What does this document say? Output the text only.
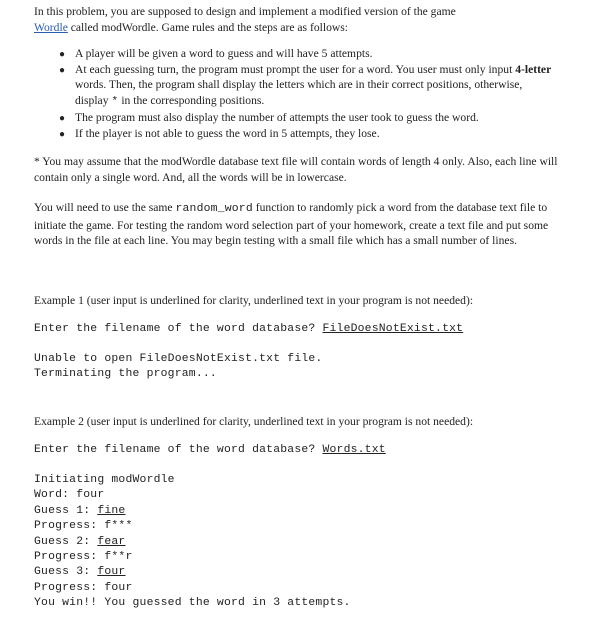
In this problem, you are supposed to design and implement a modified version of the game
Wordle called modWordle. Game rules and the steps are as follows:

● A player will be given a word to guess and will have 5 attempts.
● At each guessing turn, the program must prompt the user for a word. You user must only input 4-letter words. Then, the program shall display the letters which are in their correct positions, otherwise, display * in the corresponding positions.
● The program must also display the number of attempts the user took to guess the word.
● If the player is not able to guess the word in 5 attempts, they lose.

* You may assume that the modWordle database text file will contain words of length 4 only. Also, each line will contain only a single word. And, all the words will be in lowercase.

You will need to use the same random_word function to randomly pick a word from the database text file to initiate the game. For testing the random word selection part of your homework, create a text file and put some words in the file at each line. You may begin testing with a small file which has a small number of lines.

Example 1 (user input is underlined for clarity, underlined text in your program is not needed):

Enter the filename of the word database? FileDoesNotExist.txt
Unable to open FileDoesNotExist.txt file.
Terminating the program...

Example 2 (user input is underlined for clarity, underlined text in your program is not needed):

Enter the filename of the word database? Words.txt
Initiating modWordle
Word: four
Guess 1: fine
Progress: f***
Guess 2: fear
Progress: f**r
Guess 3: four
Progress: four
You win!! You guessed the word in 3 attempts.
